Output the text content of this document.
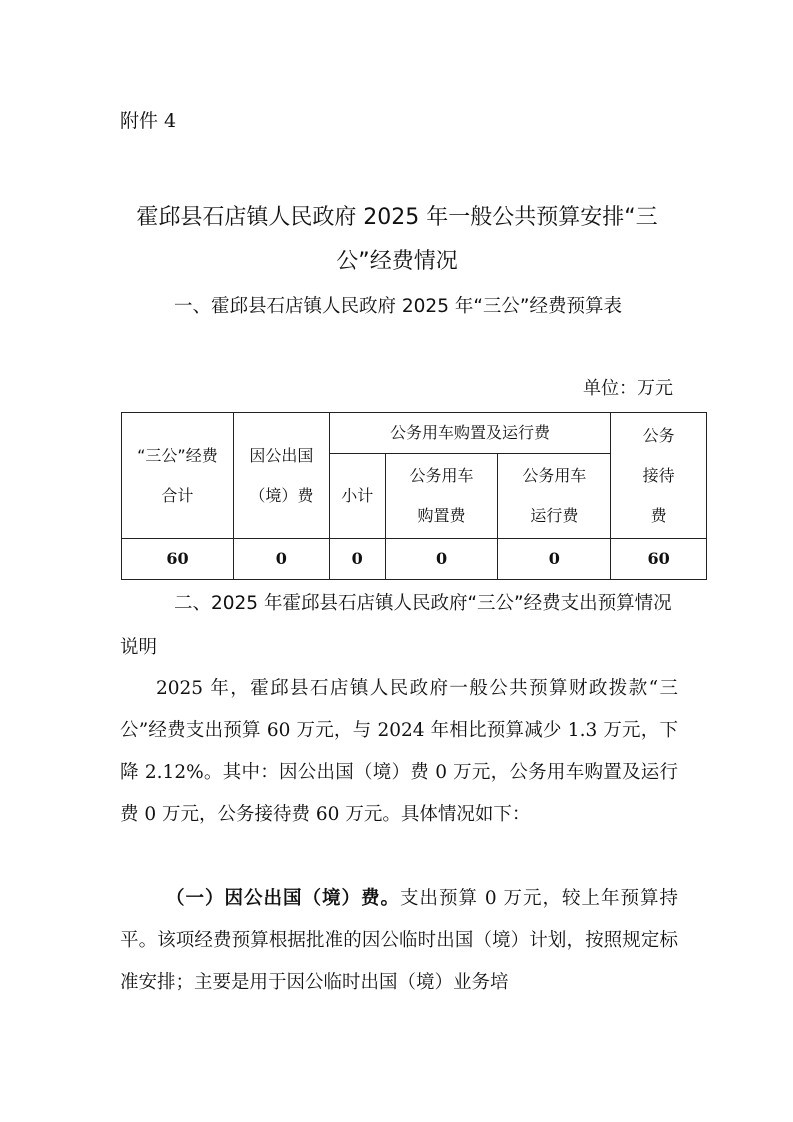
附件 4
霍邱县石店镇人民政府 2025 年一般公共预算安排“三公”经费情况
一、霍邱县石店镇人民政府 2025 年“三公”经费预算表
单位：万元
“三公”经费合计	因公出国（境）费	公务用车购置及运行费			公务接待费

		小计	公务用车购置费	公务用车运行费	

60	0	0	0	0	60
二、2025 年霍邱县石店镇人民政府“三公”经费支出预算情况说明
2025 年，霍邱县石店镇人民政府一般公共预算财政拨款“三公”经费支出预算 60 万元，与 2024 年相比预算减少 1.3 万元，下降 2.12%。其中：因公出国（境）费 0 万元，公务用车购置及运行费 0 万元，公务接待费 60 万元。具体情况如下：
（一）因公出国（境）费。支出预算 0 万元，较上年预算持平。该项经费预算根据批准的因公临时出国（境）计划，按照规定标准安排；主要是用于因公临时出国（境）业务培
